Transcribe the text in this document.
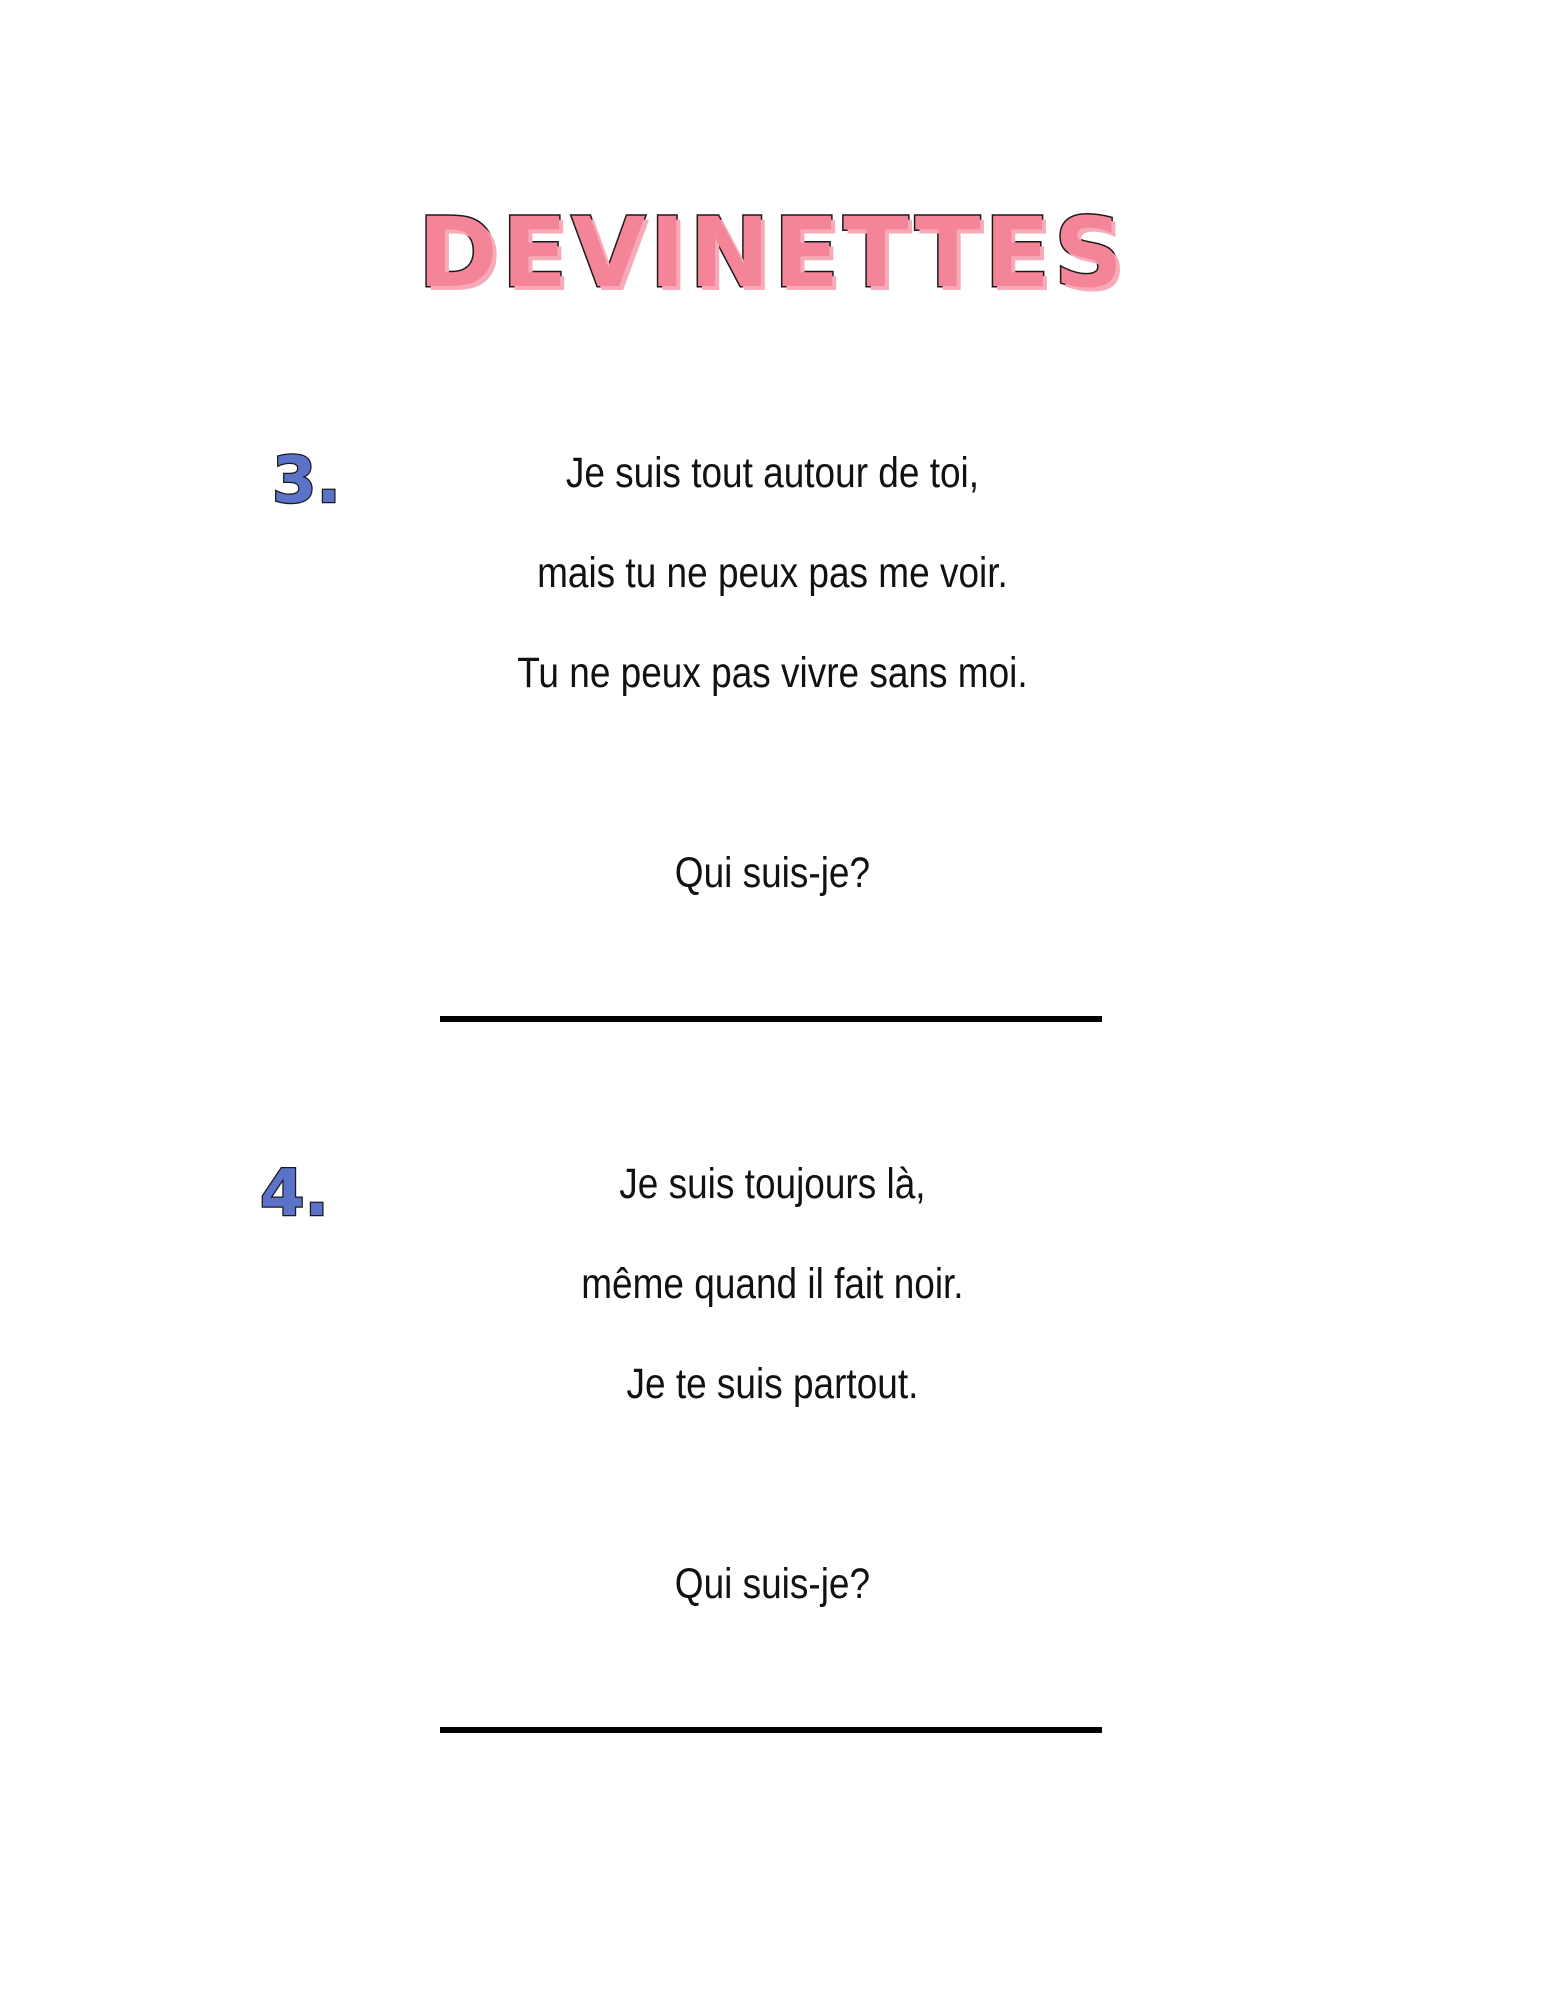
DEVINETTES
3.	Je suis tout autour de toi,
mais tu ne peux pas me voir.
Tu ne peux pas vivre sans moi.
Qui suis-je?
4.	Je suis toujours là,
même quand il fait noir.
Je te suis partout.
Qui suis-je?
